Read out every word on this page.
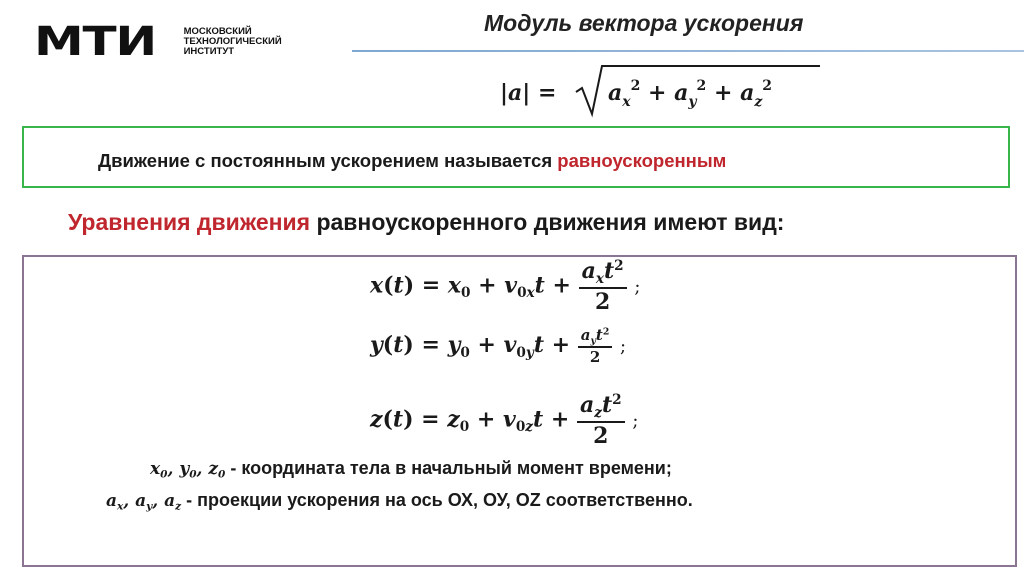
МТИ	МОСКОВСКИЙ
ТЕХНОЛОГИЧЕСКИЙ
ИНСТИТУТ
Модуль вектора ускорения
$|a| = a_x^2 + a_y^2 + a_z^2$
Движение с постоянным ускорением называется равноускоренным
Уравнения движения равноускоренного движения имеют вид:
$x(t) = x_0 + v_{0x}t + \frac{a_xt^2}{2}$ ;
$y(t) = y_0 + v_{0y}t + \frac{a_yt^2}{2}$ ;
$z(t) = z_0 + v_{0z}t + \frac{a_zt^2}{2}$ ;
$x_0$, $y_0$, $z_0$ - координата тела в начальный момент времени;
$a_x$, $a_y$, $a_z$ - проекции ускорения на ось ОХ, ОУ, OZ соответственно.
